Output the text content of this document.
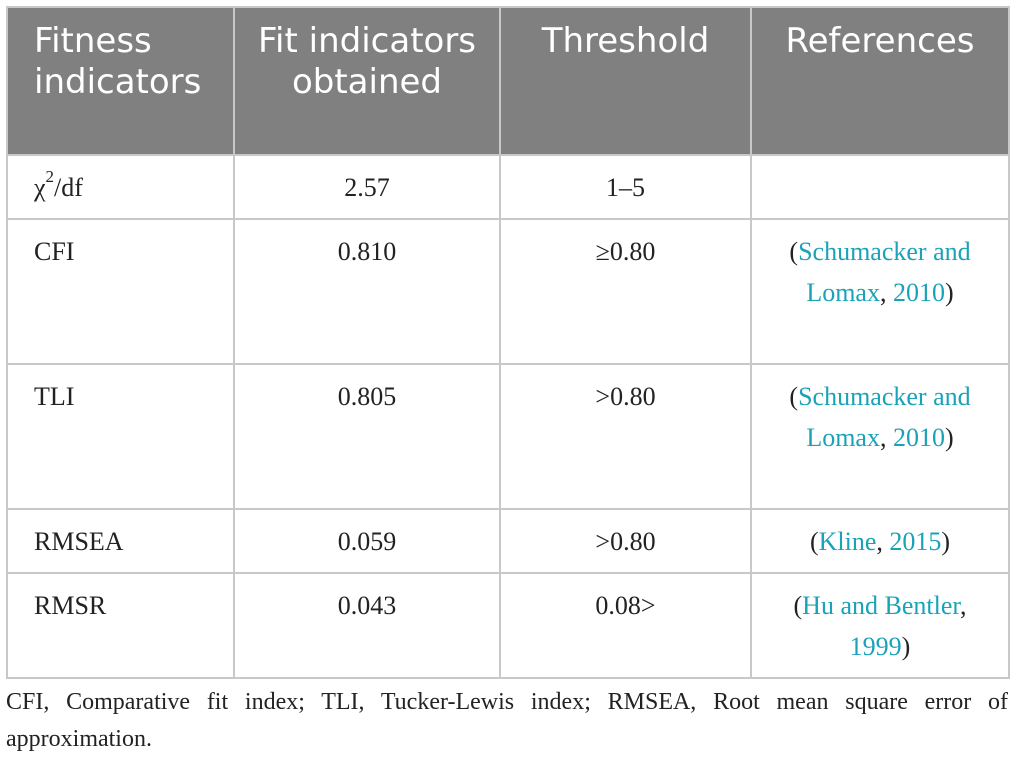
Fitness indicators	Fit indicators obtained	Threshold	References
$\chi^2/df$	2.57	1–5	
CFI	0.810	≥0.80	(Schumacker and Lomax, 2010)
TLI	0.805	>0.80	(Schumacker and Lomax, 2010)
RMSEA	0.059	>0.80	(Kline, 2015)
RMSR	0.043	0.08>	(Hu and Bentler, 1999)
CFI, Comparative fit index; TLI, Tucker-Lewis index; RMSEA, Root mean square error of approximation.
